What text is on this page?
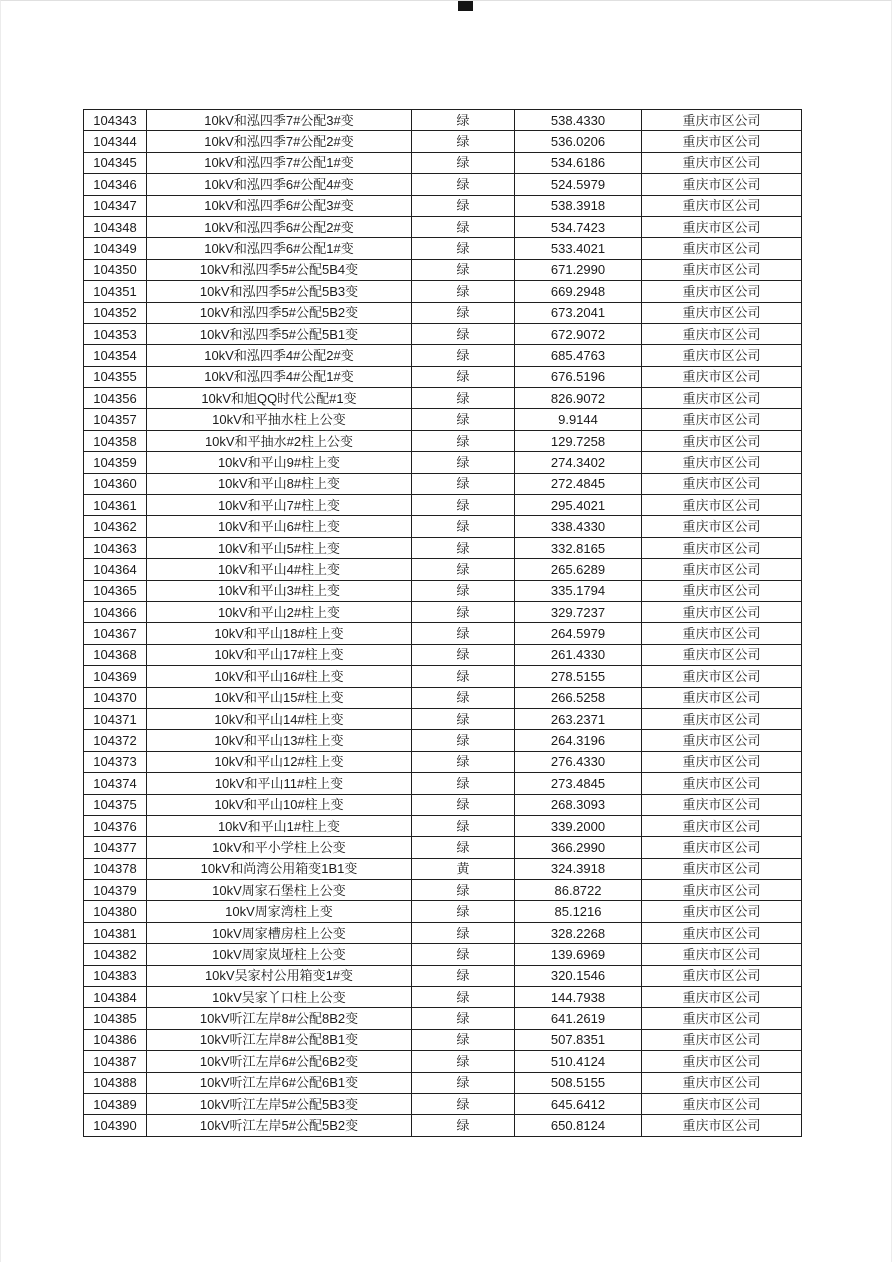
104343	10kV和泓四季7#公配3#变	绿	538.4330	重庆市区公司
104344	10kV和泓四季7#公配2#变	绿	536.0206	重庆市区公司
104345	10kV和泓四季7#公配1#变	绿	534.6186	重庆市区公司
104346	10kV和泓四季6#公配4#变	绿	524.5979	重庆市区公司
104347	10kV和泓四季6#公配3#变	绿	538.3918	重庆市区公司
104348	10kV和泓四季6#公配2#变	绿	534.7423	重庆市区公司
104349	10kV和泓四季6#公配1#变	绿	533.4021	重庆市区公司
104350	10kV和泓四季5#公配5B4变	绿	671.2990	重庆市区公司
104351	10kV和泓四季5#公配5B3变	绿	669.2948	重庆市区公司
104352	10kV和泓四季5#公配5B2变	绿	673.2041	重庆市区公司
104353	10kV和泓四季5#公配5B1变	绿	672.9072	重庆市区公司
104354	10kV和泓四季4#公配2#变	绿	685.4763	重庆市区公司
104355	10kV和泓四季4#公配1#变	绿	676.5196	重庆市区公司
104356	10kV和旭QQ时代公配#1变	绿	826.9072	重庆市区公司
104357	10kV和平抽水柱上公变	绿	9.9144	重庆市区公司
104358	10kV和平抽水#2柱上公变	绿	129.7258	重庆市区公司
104359	10kV和平山9#柱上变	绿	274.3402	重庆市区公司
104360	10kV和平山8#柱上变	绿	272.4845	重庆市区公司
104361	10kV和平山7#柱上变	绿	295.4021	重庆市区公司
104362	10kV和平山6#柱上变	绿	338.4330	重庆市区公司
104363	10kV和平山5#柱上变	绿	332.8165	重庆市区公司
104364	10kV和平山4#柱上变	绿	265.6289	重庆市区公司
104365	10kV和平山3#柱上变	绿	335.1794	重庆市区公司
104366	10kV和平山2#柱上变	绿	329.7237	重庆市区公司
104367	10kV和平山18#柱上变	绿	264.5979	重庆市区公司
104368	10kV和平山17#柱上变	绿	261.4330	重庆市区公司
104369	10kV和平山16#柱上变	绿	278.5155	重庆市区公司
104370	10kV和平山15#柱上变	绿	266.5258	重庆市区公司
104371	10kV和平山14#柱上变	绿	263.2371	重庆市区公司
104372	10kV和平山13#柱上变	绿	264.3196	重庆市区公司
104373	10kV和平山12#柱上变	绿	276.4330	重庆市区公司
104374	10kV和平山11#柱上变	绿	273.4845	重庆市区公司
104375	10kV和平山10#柱上变	绿	268.3093	重庆市区公司
104376	10kV和平山1#柱上变	绿	339.2000	重庆市区公司
104377	10kV和平小学柱上公变	绿	366.2990	重庆市区公司
104378	10kV和尚湾公用箱变1B1变	黄	324.3918	重庆市区公司
104379	10kV周家石堡柱上公变	绿	86.8722	重庆市区公司
104380	10kV周家湾柱上变	绿	85.1216	重庆市区公司
104381	10kV周家槽房柱上公变	绿	328.2268	重庆市区公司
104382	10kV周家岚垭柱上公变	绿	139.6969	重庆市区公司
104383	10kV吴家村公用箱变1#变	绿	320.1546	重庆市区公司
104384	10kV吴家丫口柱上公变	绿	144.7938	重庆市区公司
104385	10kV听江左岸8#公配8B2变	绿	641.2619	重庆市区公司
104386	10kV听江左岸8#公配8B1变	绿	507.8351	重庆市区公司
104387	10kV听江左岸6#公配6B2变	绿	510.4124	重庆市区公司
104388	10kV听江左岸6#公配6B1变	绿	508.5155	重庆市区公司
104389	10kV听江左岸5#公配5B3变	绿	645.6412	重庆市区公司
104390	10kV听江左岸5#公配5B2变	绿	650.8124	重庆市区公司
